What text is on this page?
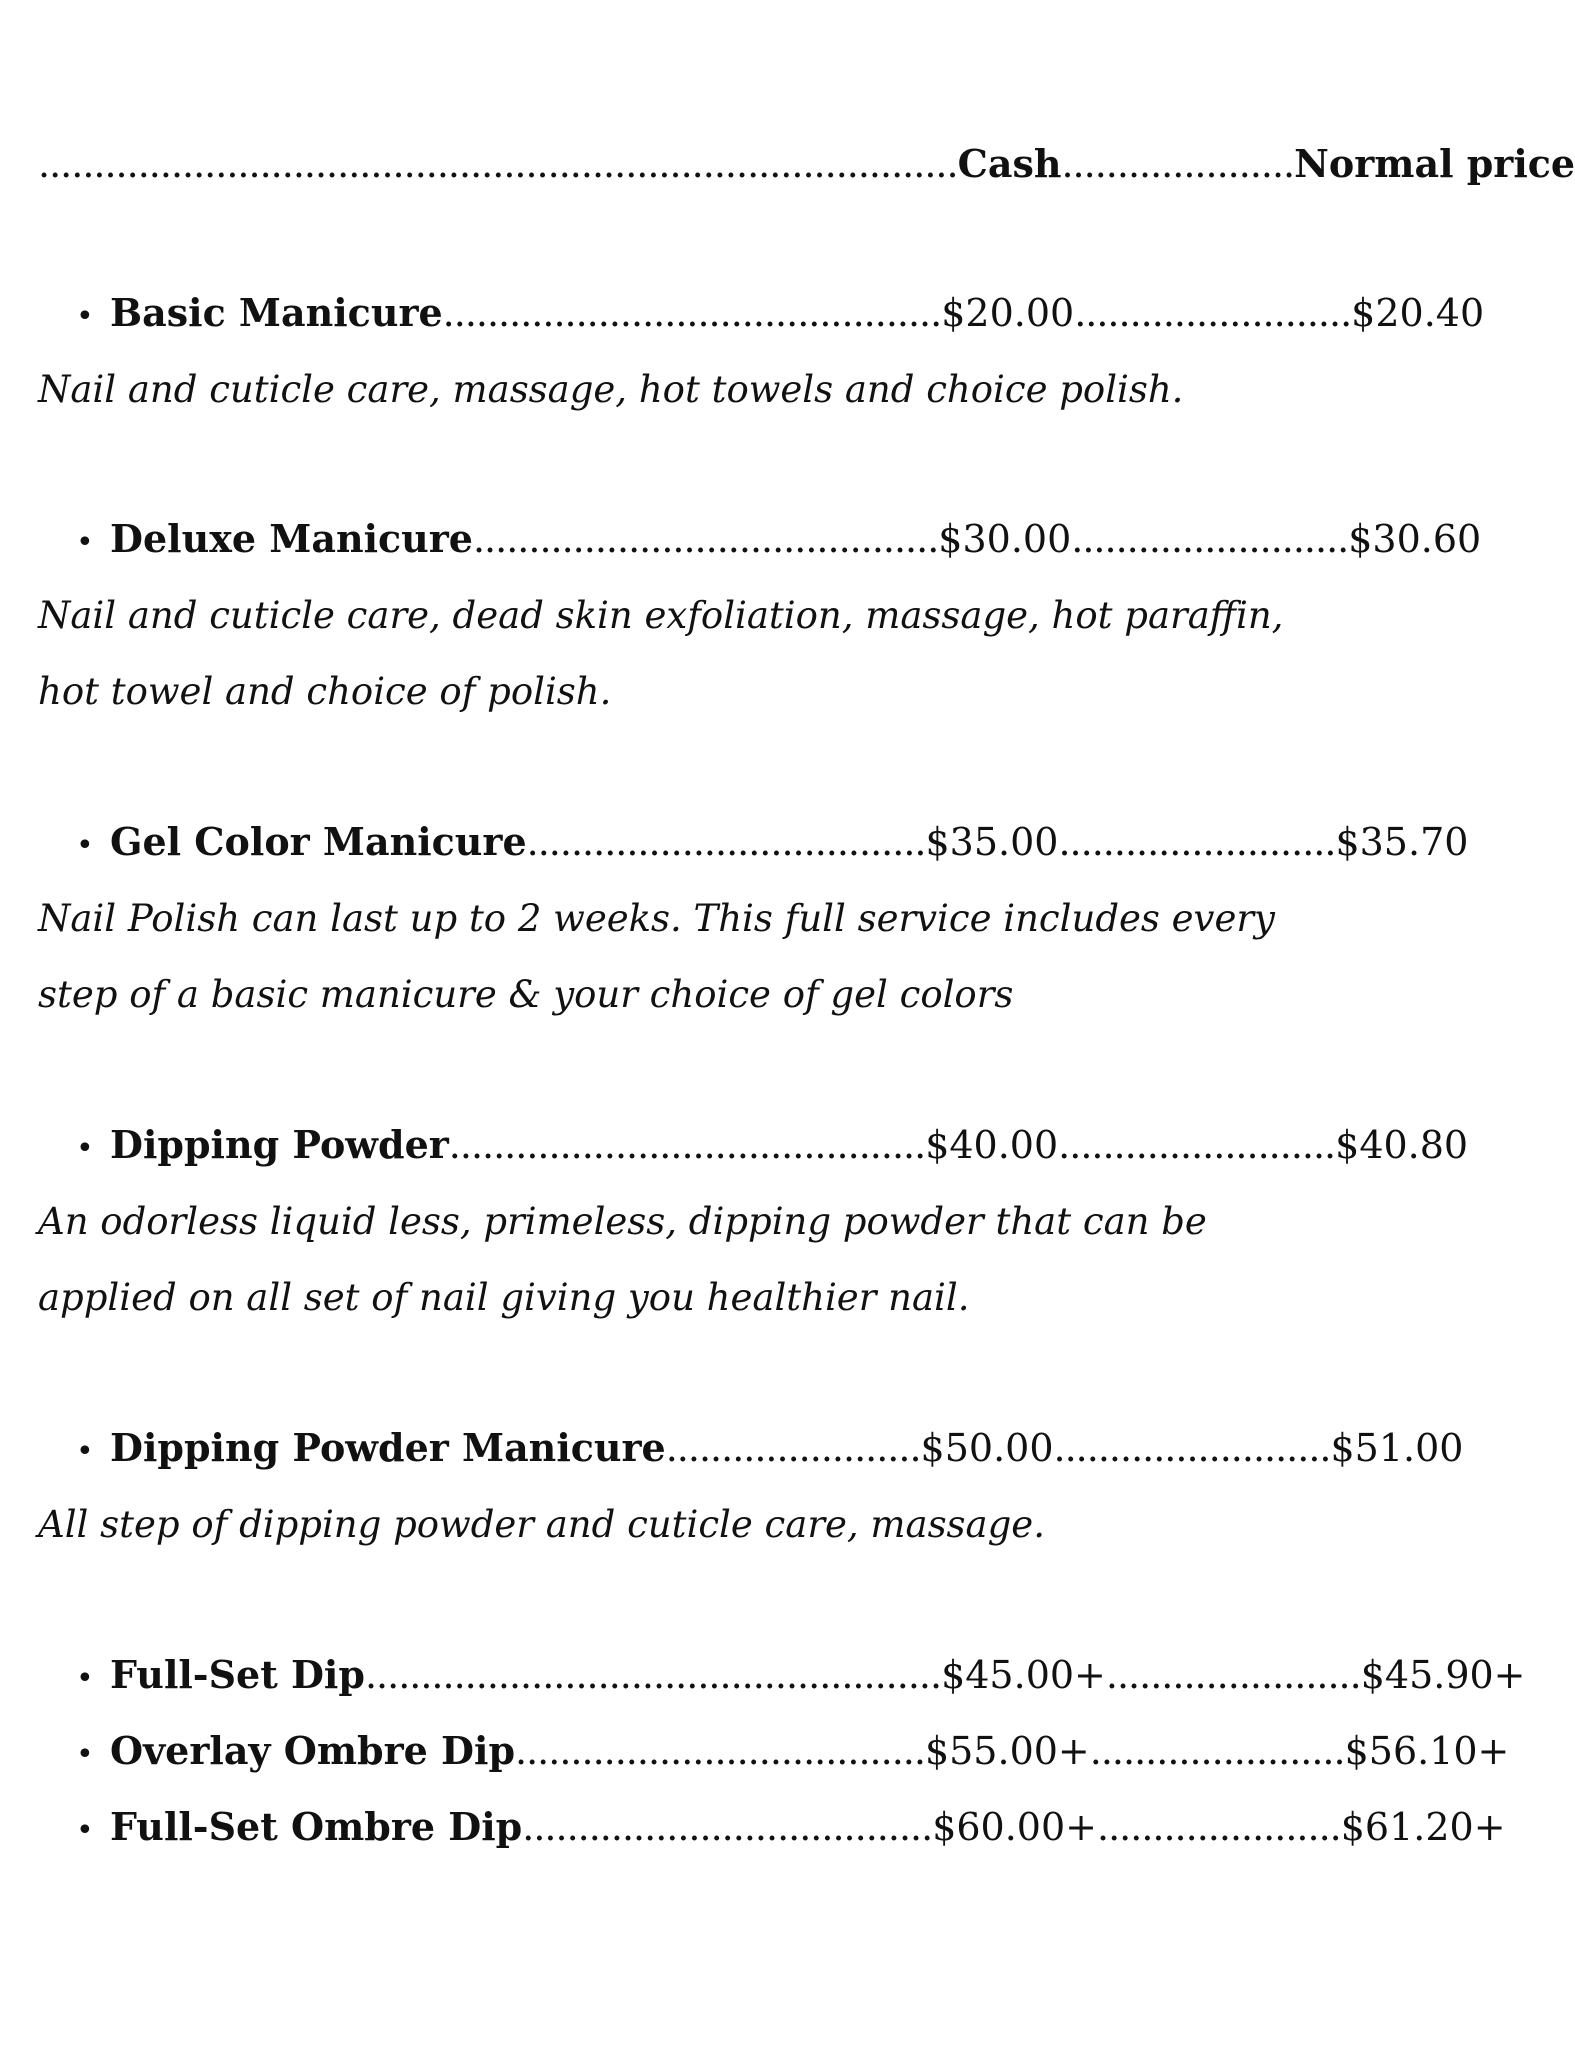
...................................................................................Cash.....................Normal price
• Basic Manicure.............................................$20.00.........................$20.40
Nail and cuticle care, massage, hot towels and choice polish.
• Deluxe Manicure..........................................$30.00.........................$30.60
Nail and cuticle care, dead skin exfoliation, massage, hot paraffin, hot towel and choice of polish.
• Gel Color Manicure....................................$35.00.........................$35.70
Nail Polish can last up to 2 weeks. This full service includes every step of a basic manicure & your choice of gel colors
• Dipping Powder...........................................$40.00.........................$40.80
An odorless liquid less, primeless, dipping powder that can be applied on all set of nail giving you healthier nail.
• Dipping Powder Manicure.......................$50.00.........................$51.00
All step of dipping powder and cuticle care, massage.
• Full-Set Dip....................................................$45.00+.......................$45.90+
• Overlay Ombre Dip.....................................$55.00+.......................$56.10+
• Full-Set Ombre Dip.....................................$60.00+......................$61.20+
